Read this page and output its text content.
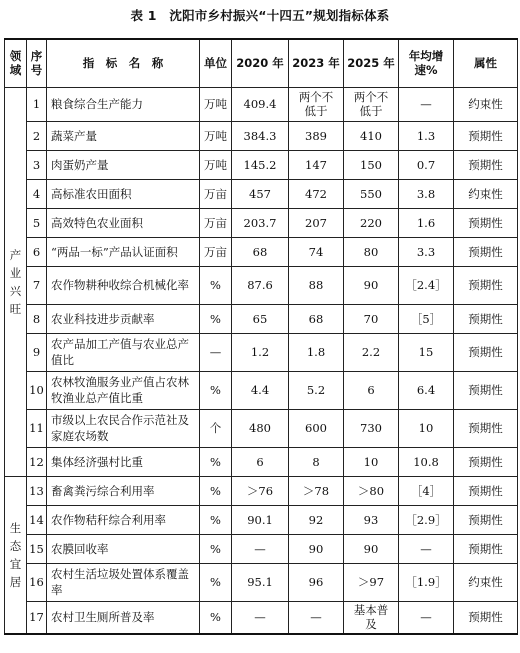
表 1　沈阳市乡村振兴“十四五”规划指标体系
领域	序号	指　标　名　称	单位	2020 年	2023 年	2025 年	年均增速%	属性
产业兴旺	1	粮食综合生产能力	万吨	409.4	两个不低于	两个不低于	—	约束性
	2	蔬菜产量	万吨	384.3	389	410	1.3	预期性
	3	肉蛋奶产量	万吨	145.2	147	150	0.7	预期性
	4	高标准农田面积	万亩	457	472	550	3.8	约束性
	5	高效特色农业面积	万亩	203.7	207	220	1.6	预期性
	6	“两品一标”产品认证面积	万亩	68	74	80	3.3	预期性
	7	农作物耕种收综合机械化率	%	87.6	88	90	［2.4］	预期性
	8	农业科技进步贡献率	%	65	68	70	［5］	预期性
	9	农产品加工产值与农业总产值比	—	1.2	1.8	2.2	15	预期性
	10	农林牧渔服务业产值占农林牧渔业总产值比重	%	4.4	5.2	6	6.4	预期性
	11	市级以上农民合作示范社及家庭农场数	个	480	600	730	10	预期性
	12	集体经济强村比重	%	6	8	10	10.8	预期性
生态宜居	13	畜禽粪污综合利用率	%	＞76	＞78	＞80	［4］	预期性
	14	农作物秸秆综合利用率	%	90.1	92	93	［2.9］	预期性
	15	农膜回收率	%	—	90	90	—	预期性
	16	农村生活垃圾处置体系覆盖率	%	95.1	96	＞97	［1.9］	约束性
	17	农村卫生厕所普及率	%	—	—	基本普及	—	预期性
